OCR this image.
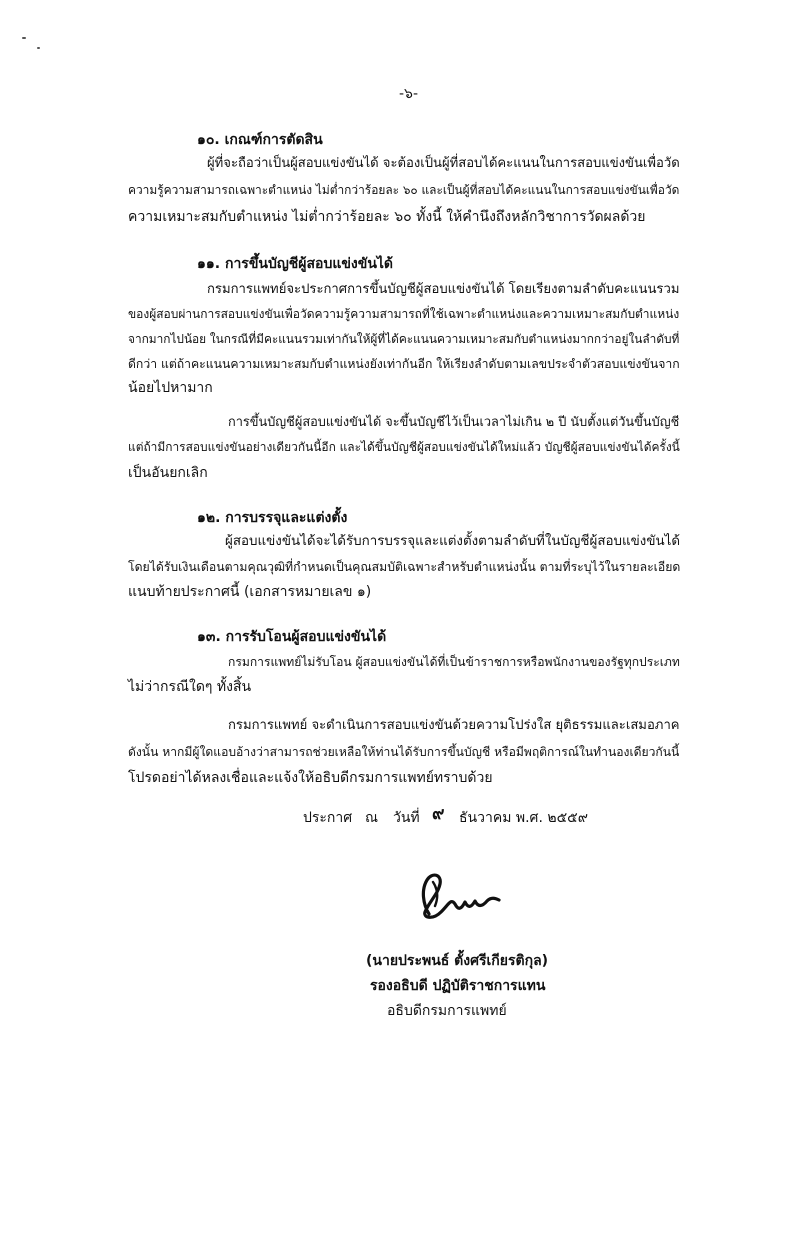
-๖-
๑๐. เกณฑ์การตัดสิน
ผู้ที่จะถือว่าเป็นผู้สอบแข่งขันได้ จะต้องเป็นผู้ที่สอบได้คะแนนในการสอบแข่งขันเพื่อวัด
ความรู้ความสามารถเฉพาะตำแหน่ง ไม่ต่ำกว่าร้อยละ ๖๐ และเป็นผู้ที่สอบได้คะแนนในการสอบแข่งขันเพื่อวัด
ความเหมาะสมกับตำแหน่ง ไม่ต่ำกว่าร้อยละ ๖๐ ทั้งนี้ ให้คำนึงถึงหลักวิชาการวัดผลด้วย
๑๑. การขึ้นบัญชีผู้สอบแข่งขันได้
กรมการแพทย์จะประกาศการขึ้นบัญชีผู้สอบแข่งขันได้ โดยเรียงตามลำดับคะแนนรวม
ของผู้สอบผ่านการสอบแข่งขันเพื่อวัดความรู้ความสามารถที่ใช้เฉพาะตำแหน่งและความเหมาะสมกับตำแหน่ง
จากมากไปน้อย ในกรณีที่มีคะแนนรวมเท่ากันให้ผู้ที่ได้คะแนนความเหมาะสมกับตำแหน่งมากกว่าอยู่ในลำดับที่
ดีกว่า แต่ถ้าคะแนนความเหมาะสมกับตำแหน่งยังเท่ากันอีก ให้เรียงลำดับตามเลขประจำตัวสอบแข่งขันจาก
น้อยไปหามาก
การขึ้นบัญชีผู้สอบแข่งขันได้ จะขึ้นบัญชีไว้เป็นเวลาไม่เกิน ๒ ปี นับตั้งแต่วันขึ้นบัญชี
แต่ถ้ามีการสอบแข่งขันอย่างเดียวกันนี้อีก และได้ขึ้นบัญชีผู้สอบแข่งขันได้ใหม่แล้ว บัญชีผู้สอบแข่งขันได้ครั้งนี้
เป็นอันยกเลิก
๑๒. การบรรจุและแต่งตั้ง
ผู้สอบแข่งขันได้จะได้รับการบรรจุและแต่งตั้งตามลำดับที่ในบัญชีผู้สอบแข่งขันได้
โดยได้รับเงินเดือนตามคุณวุฒิที่กำหนดเป็นคุณสมบัติเฉพาะสำหรับตำแหน่งนั้น ตามที่ระบุไว้ในรายละเอียด
แนบท้ายประกาศนี้ (เอกสารหมายเลข ๑)
๑๓. การรับโอนผู้สอบแข่งขันได้
กรมการแพทย์ไม่รับโอน ผู้สอบแข่งขันได้ที่เป็นข้าราชการหรือพนักงานของรัฐทุกประเภท
ไม่ว่ากรณีใดๆ ทั้งสิ้น
กรมการแพทย์ จะดำเนินการสอบแข่งขันด้วยความโปร่งใส ยุติธรรมและเสมอภาค
ดังนั้น หากมีผู้ใดแอบอ้างว่าสามารถช่วยเหลือให้ท่านได้รับการขึ้นบัญชี หรือมีพฤติการณ์ในทำนองเดียวกันนี้
โปรดอย่าได้หลงเชื่อและแจ้งให้อธิบดีกรมการแพทย์ทราบด้วย
ประกาศ ณ วันที่ ๙ ธันวาคม พ.ศ. ๒๕๕๙
(นายประพนธ์ ตั้งศรีเกียรติกุล)
รองอธิบดี ปฏิบัติราชการแทน
อธิบดีกรมการแพทย์
